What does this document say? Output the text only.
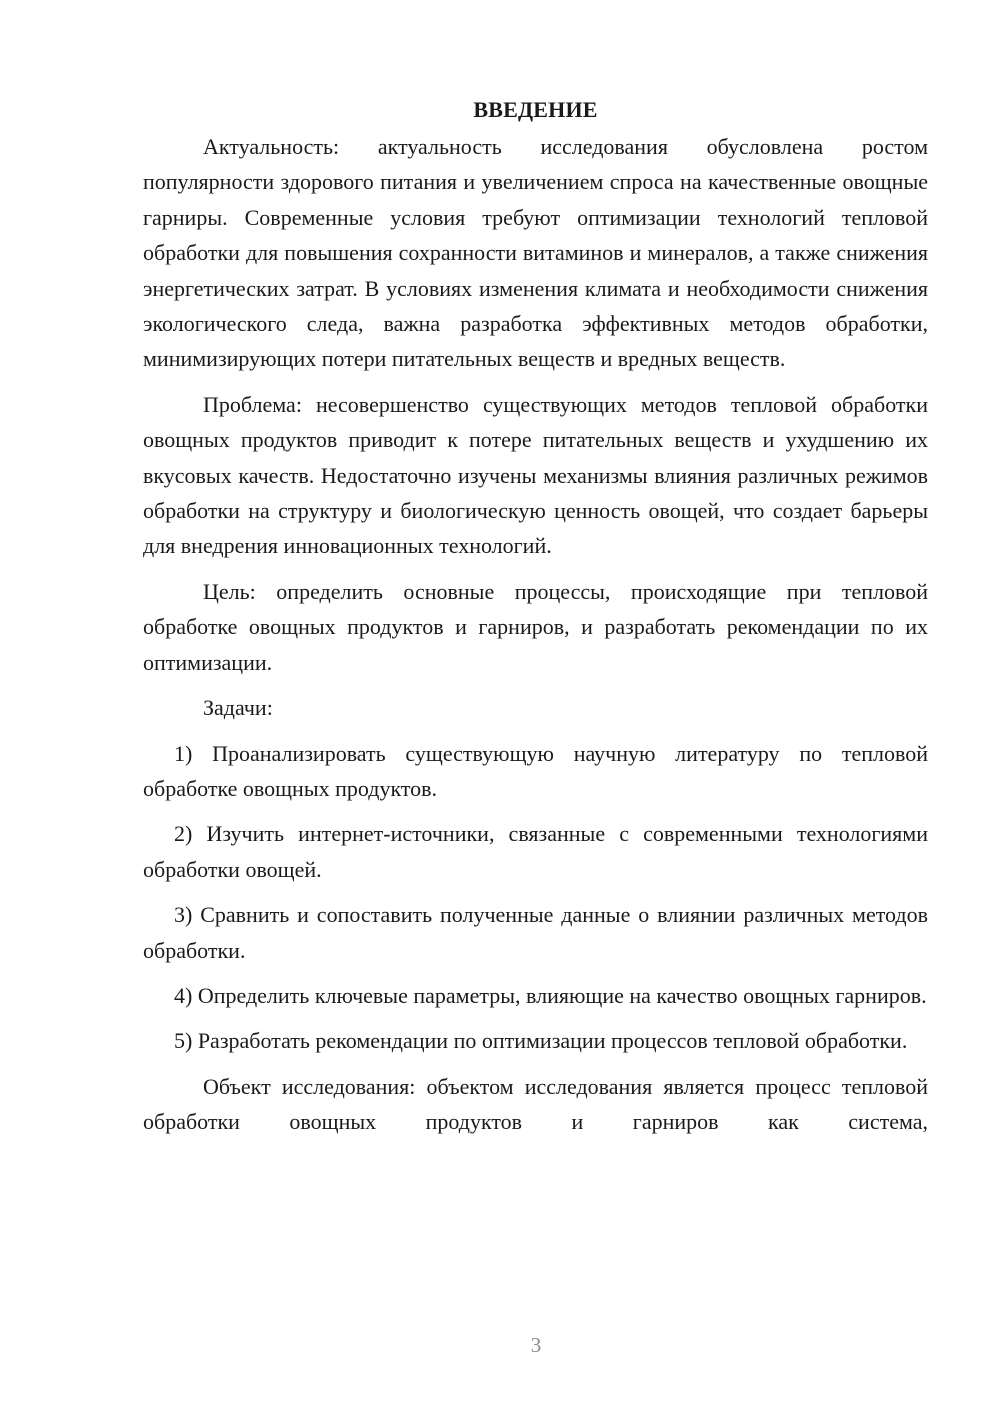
ВВЕДЕНИЕ

Актуальность: актуальность исследования обусловлена ростом популярности здорового питания и увеличением спроса на качественные овощные гарниры. Современные условия требуют оптимизации технологий тепловой обработки для повышения сохранности витаминов и минералов, а также снижения энергетических затрат. В условиях изменения климата и необходимости снижения экологического следа, важна разработка эффективных методов обработки, минимизирующих потери питательных веществ и вредных веществ.

Проблема: несовершенство существующих методов тепловой обработки овощных продуктов приводит к потере питательных веществ и ухудшению их вкусовых качеств. Недостаточно изучены механизмы влияния различных режимов обработки на структуру и биологическую ценность овощей, что создает барьеры для внедрения инновационных технологий.

Цель: определить основные процессы, происходящие при тепловой обработке овощных продуктов и гарниров, и разработать рекомендации по их оптимизации.

Задачи:

1) Проанализировать существующую научную литературу по тепловой обработке овощных продуктов.

2) Изучить интернет-источники, связанные с современными технологиями обработки овощей.

3) Сравнить и сопоставить полученные данные о влиянии различных методов обработки.

4) Определить ключевые параметры, влияющие на качество овощных гарниров.

5) Разработать рекомендации по оптимизации процессов тепловой обработки.

Объект исследования: объектом исследования является процесс тепловой обработки овощных продуктов и гарниров как система,

3
